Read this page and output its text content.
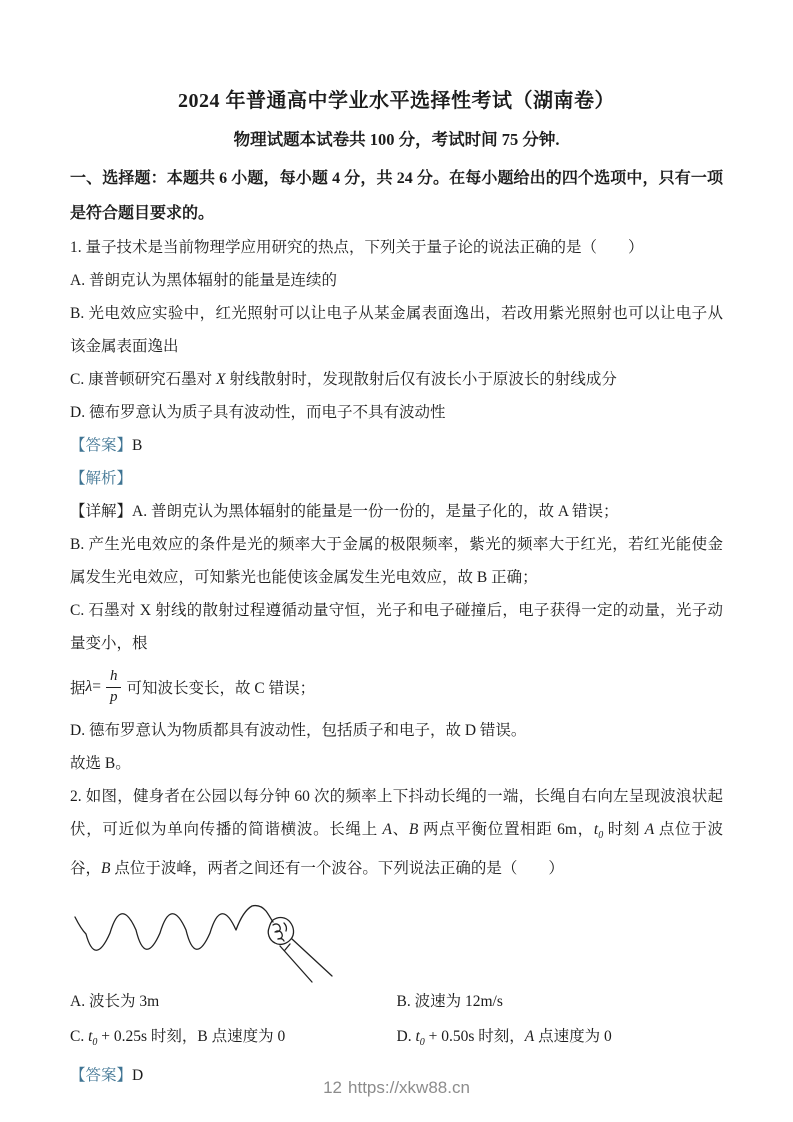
2024 年普通高中学业水平选择性考试（湖南卷）
物理试题本试卷共 100 分，考试时间 75 分钟.

一、选择题：本题共 6 小题，每小题 4 分，共 24 分。在每小题给出的四个选项中，只有一项是符合题目要求的。

1. 量子技术是当前物理学应用研究的热点，下列关于量子论的说法正确的是（　　）

A. 普朗克认为黑体辐射的能量是连续的

B. 光电效应实验中，红光照射可以让电子从某金属表面逸出，若改用紫光照射也可以让电子从该金属表面逸出

C. 康普顿研究石墨对 X 射线散射时，发现散射后仅有波长小于原波长的射线成分

D. 德布罗意认为质子具有波动性，而电子不具有波动性

【答案】B

【解析】

【详解】A. 普朗克认为黑体辐射的能量是一份一份的，是量子化的，故 A 错误；

B. 产生光电效应的条件是光的频率大于金属的极限频率，紫光的频率大于红光，若红光能使金属发生光电效应，可知紫光也能使该金属发生光电效应，故 B 正确；

C. 石墨对 X 射线的散射过程遵循动量守恒，光子和电子碰撞后，电子获得一定的动量，光子动量变小，根

据 $\lambda = \frac{h}{p}$ 可知波长变长，故 C 错误；

D. 德布罗意认为物质都具有波动性，包括质子和电子，故 D 错误。

故选 B。

2. 如图，健身者在公园以每分钟 60 次的频率上下抖动长绳的一端，长绳自右向左呈现波浪状起伏，可近似为单向传播的简谐横波。长绳上 A、B 两点平衡位置相距 6m，$t_0$ 时刻 A 点位于波谷，B 点位于波峰，两者之间还有一个波谷。下列说法正确的是（　　）

A. 波长为 3m	B. 波速为 12m/s

C. $t_0 + 0.25s$ 时刻，B 点速度为 0	D. $t_0 + 0.50s$ 时刻，A 点速度为 0

【答案】D

12 https://xkw88.cn
